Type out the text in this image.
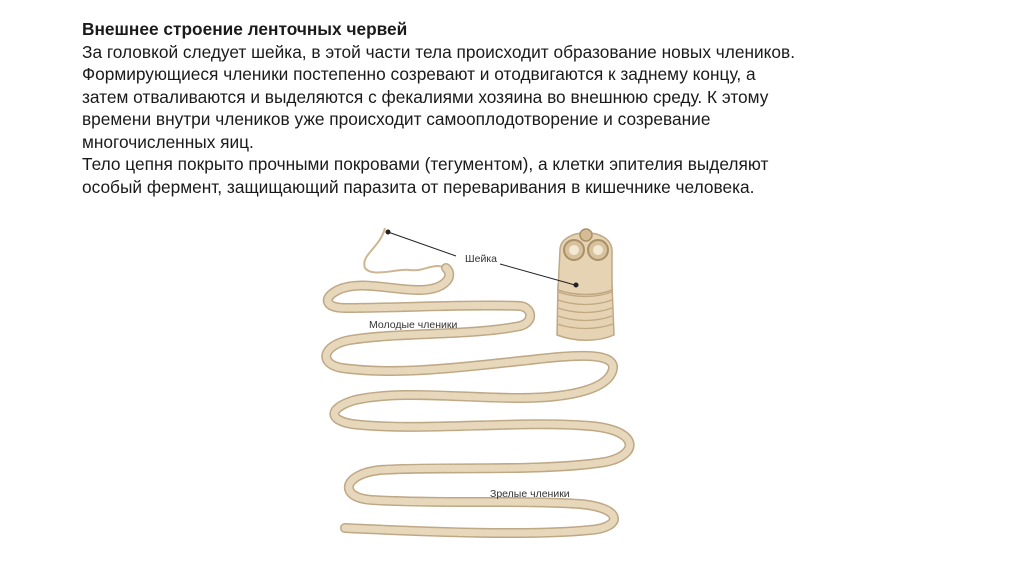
Внешнее строение ленточных червей

За головкой следует шейка, в этой части тела происходит образование новых члеников.

Формирующиеся членики постепенно созревают и отодвигаются к заднему концу, а

затем отваливаются и выделяются с фекалиями хозяина во внешнюю среду. К этому

времени внутри члеников уже происходит самооплодотворение и созревание

многочисленных яиц.

Тело цепня покрыто прочными покровами (тегументом), а клетки эпителия выделяют

особый фермент, защищающий паразита от переваривания в кишечнике человека.

Шейка
Молодые членики
Зрелые членики
